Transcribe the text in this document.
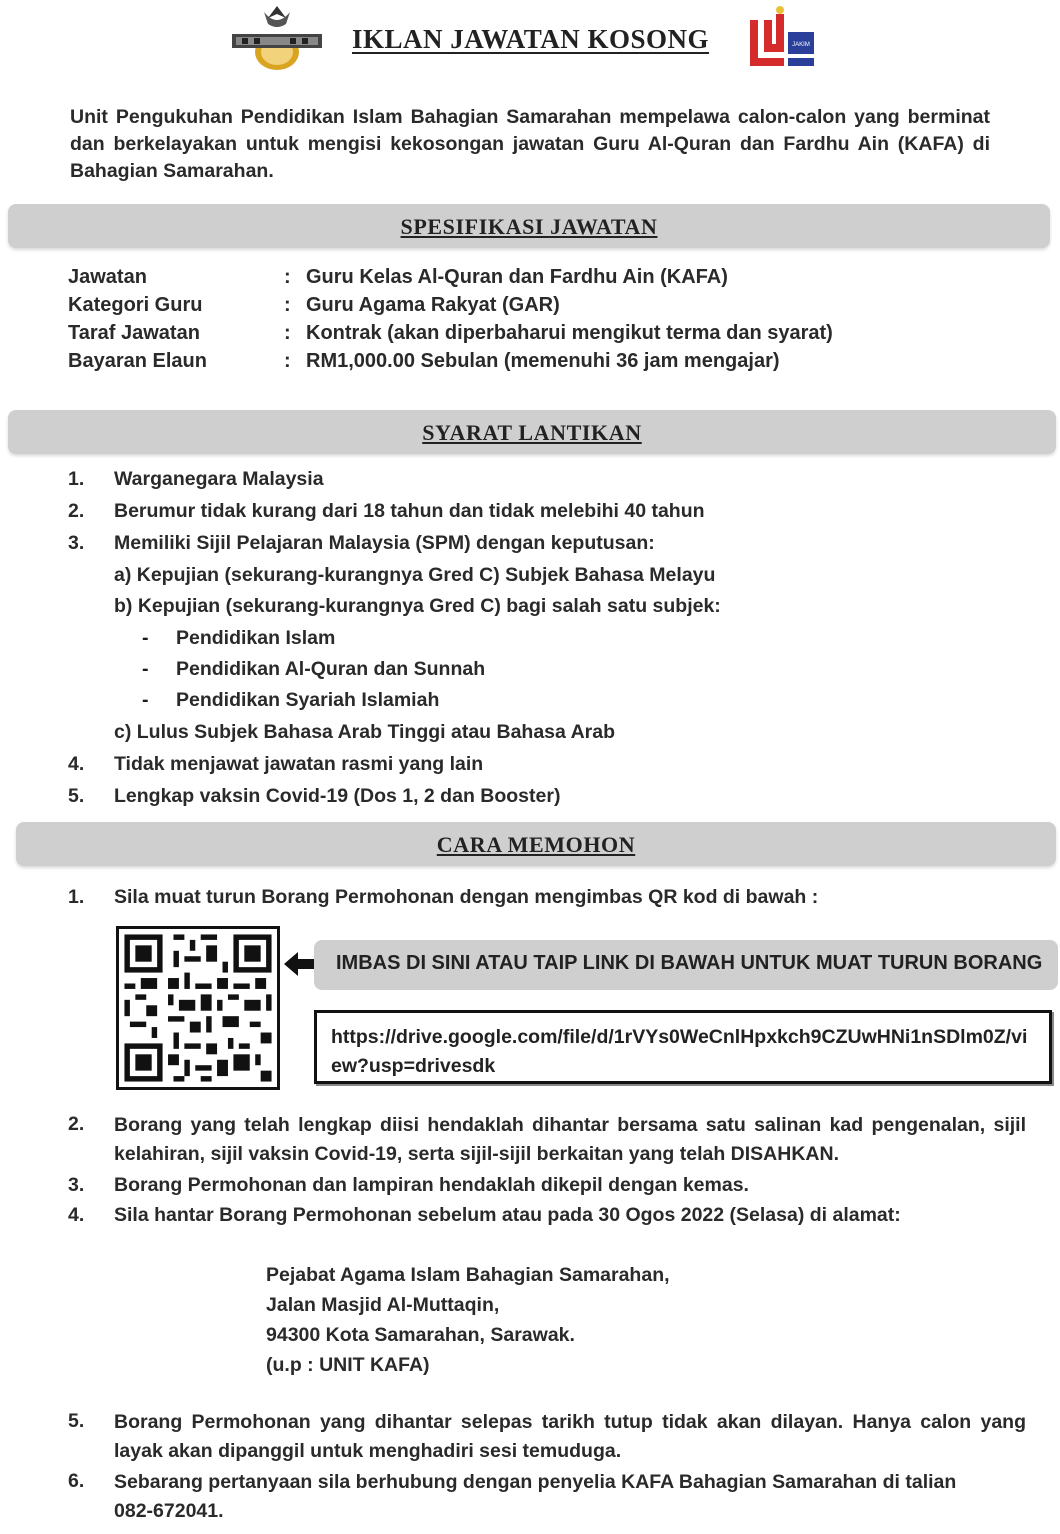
IKLAN JAWATAN KOSONG	JAKIM
Unit Pengukuhan Pendidikan Islam Bahagian Samarahan mempelawa calon-calon yang berminat dan berkelayakan untuk mengisi kekosongan jawatan Guru Al-Quran dan Fardhu Ain (KAFA) di Bahagian Samarahan.
SPESIFIKASI JAWATAN
Jawatan	: Guru Kelas Al-Quran dan Fardhu Ain (KAFA)
Kategori Guru	: Guru Agama Rakyat (GAR)
Taraf Jawatan	: Kontrak (akan diperbaharui mengikut terma dan syarat)
Bayaran Elaun	: RM1,000.00 Sebulan (memenuhi 36 jam mengajar)
SYARAT LANTIKAN
1. Warganegara Malaysia
2. Berumur tidak kurang dari 18 tahun dan tidak melebihi 40 tahun
3. Memiliki Sijil Pelajaran Malaysia (SPM) dengan keputusan:
a) Kepujian (sekurang-kurangnya Gred C) Subjek Bahasa Melayu
b) Kepujian (sekurang-kurangnya Gred C) bagi salah satu subjek:
- Pendidikan Islam
- Pendidikan Al-Quran dan Sunnah
- Pendidikan Syariah Islamiah
c) Lulus Subjek Bahasa Arab Tinggi atau Bahasa Arab
4. Tidak menjawat jawatan rasmi yang lain
5. Lengkap vaksin Covid-19 (Dos 1, 2 dan Booster)
CARA MEMOHON
1. Sila muat turun Borang Permohonan dengan mengimbas QR kod di bawah :
IMBAS DI SINI ATAU TAIP LINK DI BAWAH UNTUK MUAT TURUN BORANG
https://drive.google.com/file/d/1rVYs0WeCnlHpxkch9CZUwHNi1nSDlm0Z/view?usp=drivesdk
2. Borang yang telah lengkap diisi hendaklah dihantar bersama satu salinan kad pengenalan, sijil kelahiran, sijil vaksin Covid-19, serta sijil-sijil berkaitan yang telah DISAHKAN.
3. Borang Permohonan dan lampiran hendaklah dikepil dengan kemas.
4. Sila hantar Borang Permohonan sebelum atau pada 30 Ogos 2022 (Selasa) di alamat:
Pejabat Agama Islam Bahagian Samarahan,
Jalan Masjid Al-Muttaqin,
94300 Kota Samarahan, Sarawak.
(u.p : UNIT KAFA)
5. Borang Permohonan yang dihantar selepas tarikh tutup tidak akan dilayan. Hanya calon yang layak akan dipanggil untuk menghadiri sesi temuduga.
6. Sebarang pertanyaan sila berhubung dengan penyelia KAFA Bahagian Samarahan di talian 082-672041.
